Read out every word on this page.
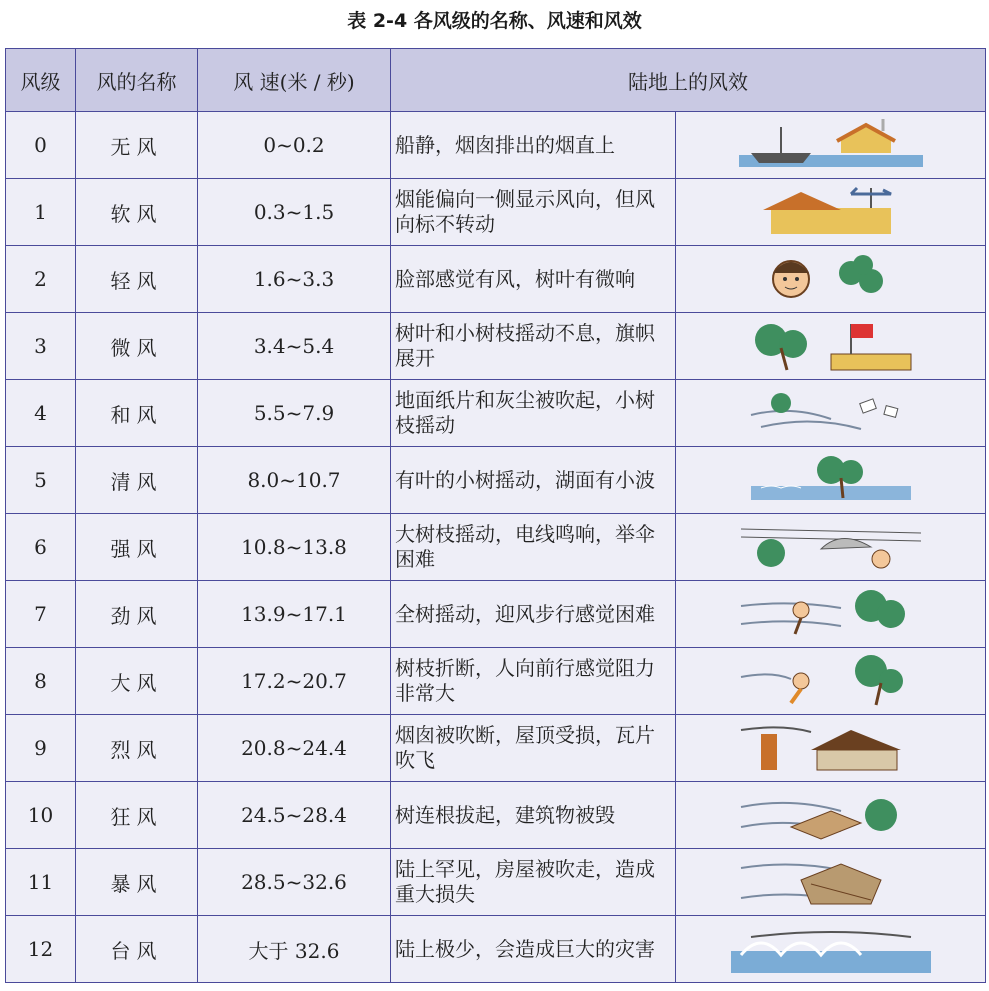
表 2-4 各风级的名称、风速和风效
风级	风的名称	风 速(米 / 秒)	陆地上的风效	
0	无风	0~0.2	船静，烟囱排出的烟直上	

1	软风	0.3~1.5	烟能偏向一侧显示风向，但风向标不转动	

2	轻风	1.6~3.3	脸部感觉有风，树叶有微响	

3	微风	3.4~5.4	树叶和小树枝摇动不息，旗帜展开	

4	和风	5.5~7.9	地面纸片和灰尘被吹起，小树枝摇动	

5	清风	8.0~10.7	有叶的小树摇动，湖面有小波	

6	强风	10.8~13.8	大树枝摇动，电线鸣响，举伞困难	

7	劲风	13.9~17.1	全树摇动，迎风步行感觉困难	

8	大风	17.2~20.7	树枝折断，人向前行感觉阻力非常大	

9	烈风	20.8~24.4	烟囱被吹断，屋顶受损，瓦片吹飞	

10	狂风	24.5~28.4	树连根拔起，建筑物被毁	

11	暴风	28.5~32.6	陆上罕见，房屋被吹走，造成重大损失	

12	台风	大于 32.6	陆上极少，会造成巨大的灾害	
